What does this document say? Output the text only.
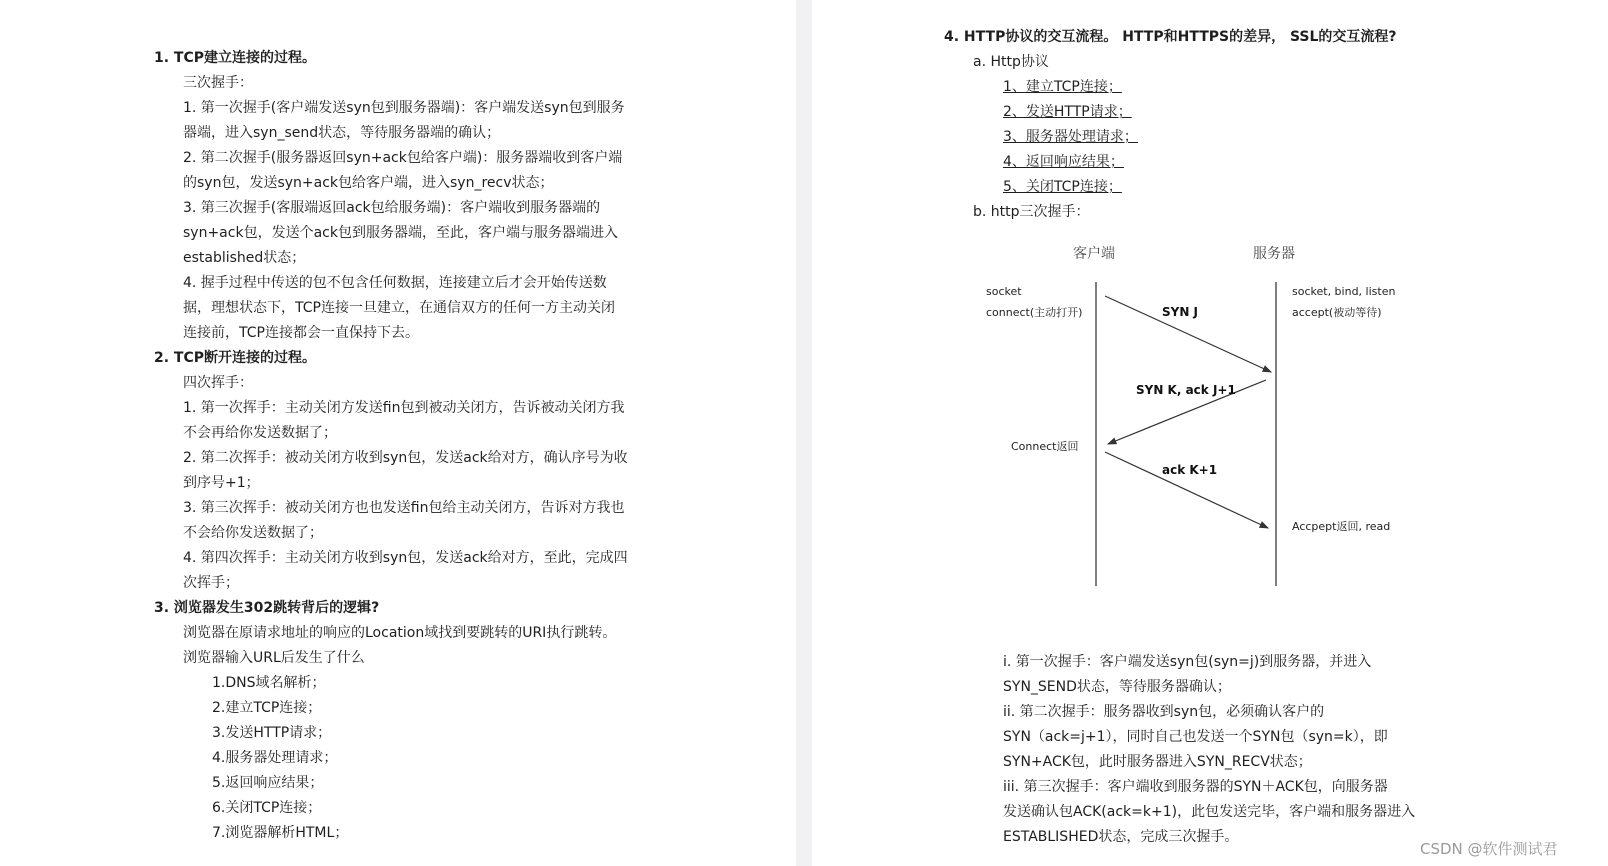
1. TCP建立连接的过程。
三次握手：
1. 第一次握手(客户端发送syn包到服务器端)：客户端发送syn包到服务
器端，进入syn_send状态，等待服务器端的确认；
2. 第二次握手(服务器返回syn+ack包给客户端)：服务器端收到客户端
的syn包，发送syn+ack包给客户端，进入syn_recv状态；
3. 第三次握手(客服端返回ack包给服务端)：客户端收到服务器端的
syn+ack包，发送个ack包到服务器端，至此，客户端与服务器端进入
established状态；
4. 握手过程中传送的包不包含任何数据，连接建立后才会开始传送数
据，理想状态下，TCP连接一旦建立，在通信双方的任何一方主动关闭
连接前，TCP连接都会一直保持下去。
2. TCP断开连接的过程。
四次挥手：
1. 第一次挥手：主动关闭方发送fin包到被动关闭方，告诉被动关闭方我
不会再给你发送数据了；
2. 第二次挥手：被动关闭方收到syn包，发送ack给对方，确认序号为收
到序号+1；
3. 第三次挥手：被动关闭方也也发送fin包给主动关闭方，告诉对方我也
不会给你发送数据了；
4. 第四次挥手：主动关闭方收到syn包，发送ack给对方，至此，完成四
次挥手；
3. 浏览器发生302跳转背后的逻辑?
浏览器在原请求地址的响应的Location域找到要跳转的URI执行跳转。
浏览器输入URL后发生了什么
1.DNS域名解析；
2.建立TCP连接；
3.发送HTTP请求；
4.服务器处理请求；
5.返回响应结果；
6.关闭TCP连接；
7.浏览器解析HTML；
4. HTTP协议的交互流程。 HTTP和HTTPS的差异， SSL的交互流程?
a. Http协议
1、建立TCP连接；
2、发送HTTP请求；
3、服务器处理请求；
4、返回响应结果；
5、关闭TCP连接；
b. http三次握手：
客户端	服务器
socket
connect(主动打开)
socket, bind, listen
accept(被动等待)
SYN J
SYN K, ack J+1
Connect返回
ack K+1
Accpept返回, read
i. 第一次握手：客户端发送syn包(syn=j)到服务器，并进入
SYN_SEND状态，等待服务器确认；
ii. 第二次握手：服务器收到syn包，必须确认客户的
SYN（ack=j+1），同时自己也发送一个SYN包（syn=k），即
SYN+ACK包，此时服务器进入SYN_RECV状态；
iii. 第三次握手：客户端收到服务器的SYN＋ACK包，向服务器
发送确认包ACK(ack=k+1)，此包发送完毕，客户端和服务器进入
ESTABLISHED状态，完成三次握手。
CSDN @软件测试君
